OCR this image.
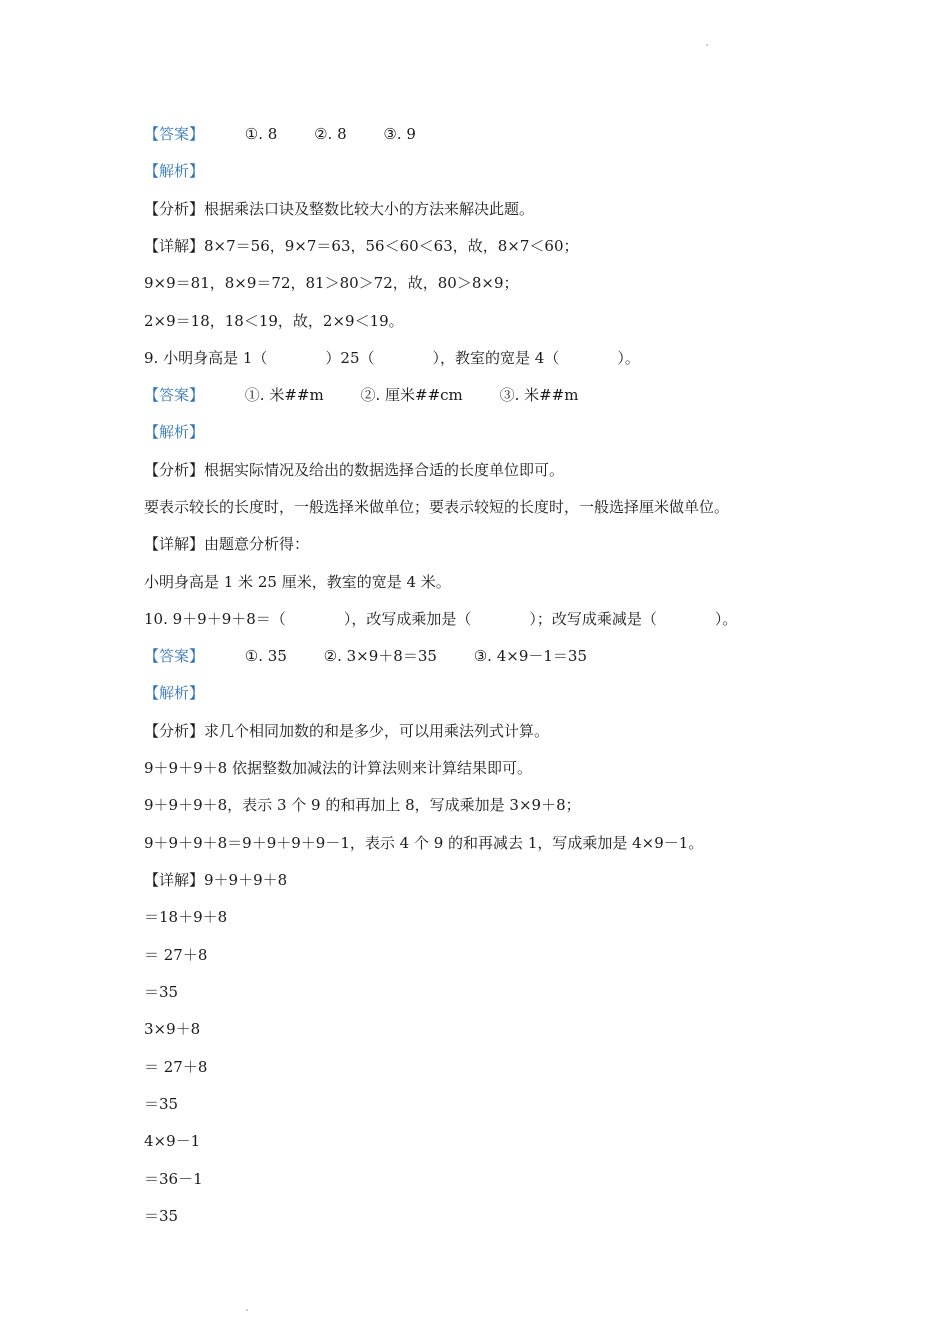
【答案】	①. 8 ②. 8 ③. 9
【解析】
【分析】根据乘法口诀及整数比较大小的方法来解决此题。
【详解】8×7＝56，9×7＝63，56＜60＜63，故，8×7＜60；
9×9＝81，8×9＝72，81＞80＞72，故，80＞8×9；
2×9＝18，18＜19，故，2×9＜19。
9. 小明身高是 1（	）25（	），教室的宽是 4（	）。
【答案】	①. 米##m ②. 厘米##cm ③. 米##m
【解析】
【分析】根据实际情况及给出的数据选择合适的长度单位即可。
要表示较长的长度时，一般选择米做单位；要表示较短的长度时，一般选择厘米做单位。
【详解】由题意分析得：
小明身高是 1 米 25 厘米，教室的宽是 4 米。
10. 9＋9＋9＋8＝（	），改写成乘加是（	）；改写成乘减是（	）。
【答案】	①. 35 ②. 3×9＋8＝35 ③. 4×9－1＝35
【解析】
【分析】求几个相同加数的和是多少，可以用乘法列式计算。
9＋9＋9＋8 依据整数加减法的计算法则来计算结果即可。
9＋9＋9＋8，表示 3 个 9 的和再加上 8，写成乘加是 3×9＋8；
9＋9＋9＋8＝9＋9＋9＋9－1，表示 4 个 9 的和再减去 1，写成乘加是 4×9－1。
【详解】9＋9＋9＋8
＝18＋9＋8
＝ 27＋8
＝35
3×9＋8
＝ 27＋8
＝35
4×9－1
＝36－1
＝35
